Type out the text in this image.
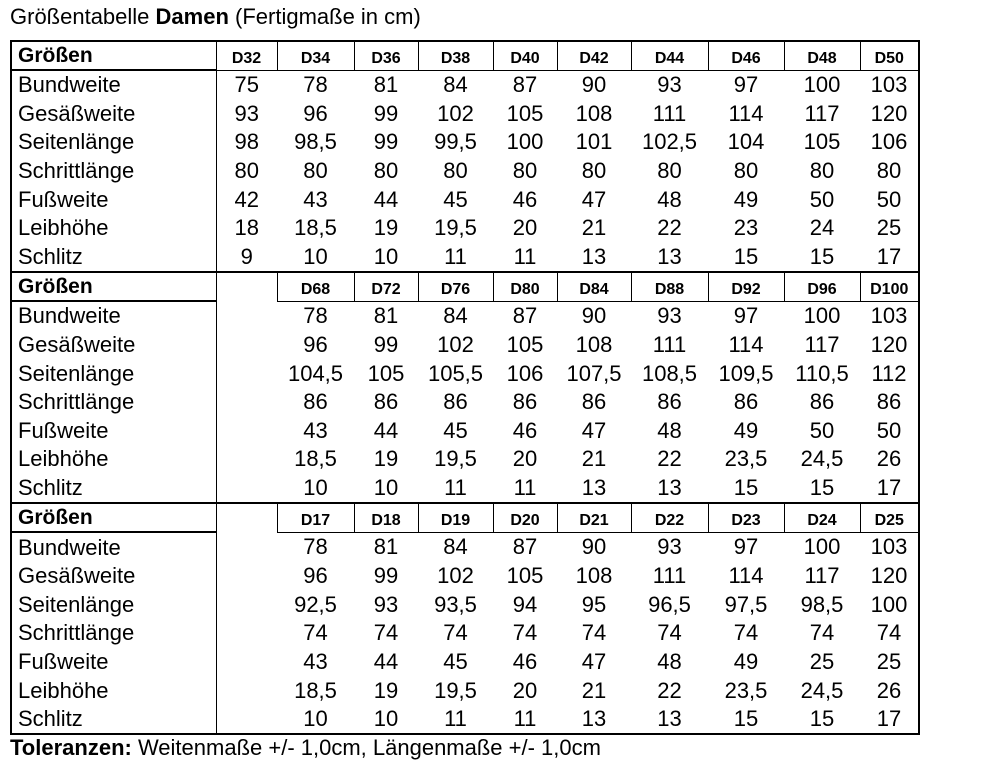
Größentabelle Damen (Fertigmaße in cm)
Größen	D32	D34	D36	D38	D40	D42	D44	D46	D48	D50
Bundweite	75	78	81	84	87	90	93	97	100	103
Gesäßweite	93	96	99	102	105	108	111	114	117	120
Seitenlänge	98	98,5	99	99,5	100	101	102,5	104	105	106
Schrittlänge	80	80	80	80	80	80	80	80	80	80
Fußweite	42	43	44	45	46	47	48	49	50	50
Leibhöhe	18	18,5	19	19,5	20	21	22	23	24	25
Schlitz	9	10	10	11	11	13	13	15	15	17
Größen		D68	D72	D76	D80	D84	D88	D92	D96	D100
Bundweite		78	81	84	87	90	93	97	100	103
Gesäßweite		96	99	102	105	108	111	114	117	120
Seitenlänge		104,5	105	105,5	106	107,5	108,5	109,5	110,5	112
Schrittlänge		86	86	86	86	86	86	86	86	86
Fußweite		43	44	45	46	47	48	49	50	50
Leibhöhe		18,5	19	19,5	20	21	22	23,5	24,5	26
Schlitz		10	10	11	11	13	13	15	15	17
Größen		D17	D18	D19	D20	D21	D22	D23	D24	D25
Bundweite		78	81	84	87	90	93	97	100	103
Gesäßweite		96	99	102	105	108	111	114	117	120
Seitenlänge		92,5	93	93,5	94	95	96,5	97,5	98,5	100
Schrittlänge		74	74	74	74	74	74	74	74	74
Fußweite		43	44	45	46	47	48	49	25	25
Leibhöhe		18,5	19	19,5	20	21	22	23,5	24,5	26
Schlitz		10	10	11	11	13	13	15	15	17
Toleranzen: Weitenmaße +/- 1,0cm, Längenmaße +/- 1,0cm
